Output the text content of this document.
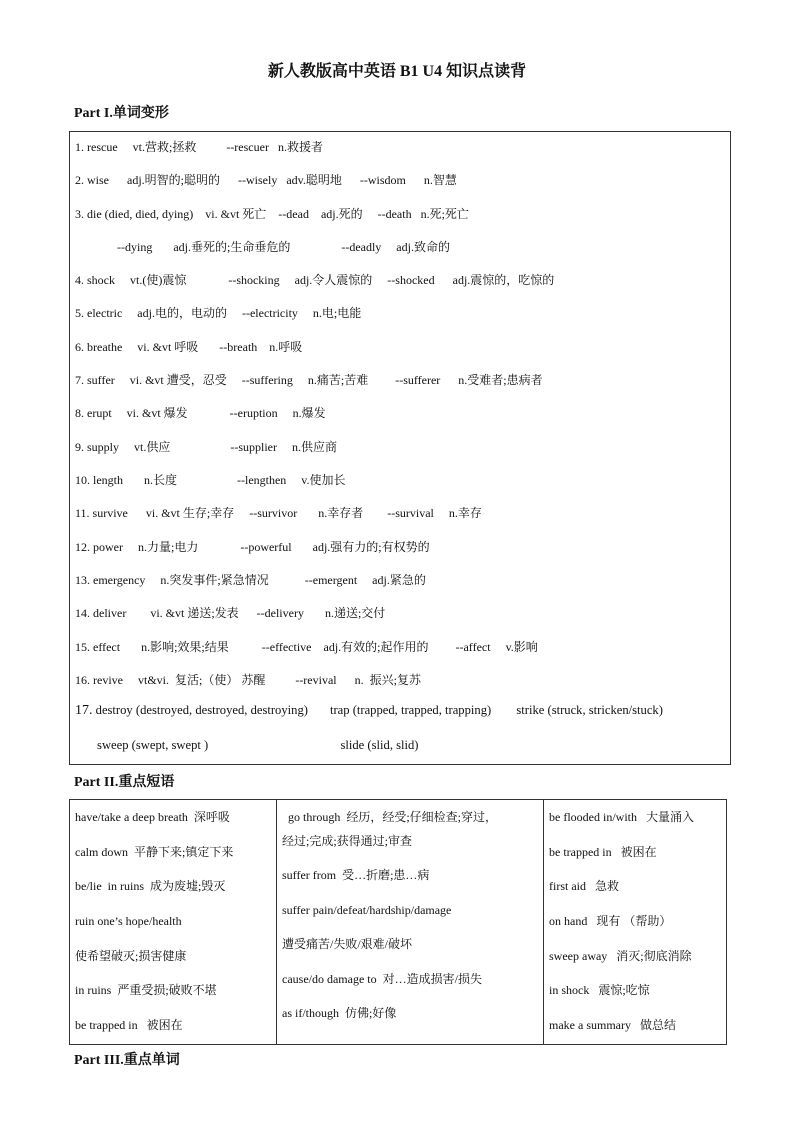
新人教版高中英语 B1 U4 知识点读背
Part I.单词变形
1. rescue     vt.营救;拯救          --rescuer   n.救援者
2. wise      adj.明智的;聪明的      --wisely   adv.聪明地      --wisdom      n.智慧
3. die (died, died, dying)    vi. &vt 死亡    --dead    adj.死的     --death   n.死;死亡
--dying       adj.垂死的;生命垂危的                 --deadly     adj.致命的
4. shock     vt.(使)震惊              --shocking     adj.令人震惊的     --shocked      adj.震惊的，吃惊的
5. electric     adj.电的，电动的     --electricity     n.电;电能
6. breathe     vi. &vt 呼吸       --breath    n.呼吸
7. suffer     vi. &vt 遭受，忍受     --suffering     n.痛苦;苦难         --sufferer      n.受难者;患病者
8. erupt     vi. &vt 爆发              --eruption     n.爆发
9. supply     vt.供应                    --supplier     n.供应商
10. length       n.长度                    --lengthen     v.使加长
11. survive      vi. &vt 生存;幸存     --survivor       n.幸存者        --survival     n.幸存
12. power     n.力量;电力              --powerful       adj.强有力的;有权势的
13. emergency     n.突发事件;紧急情况            --emergent     adj.紧急的
14. deliver        vi. &vt 递送;发表      --delivery       n.递送;交付
15. effect       n.影响;效果;结果           --effective    adj.有效的;起作用的         --affect     v.影响
16. revive     vt&vi.  复活;（使） 苏醒          --revival      n.  振兴;复苏
17. destroy (destroyed, destroyed, destroying)       trap (trapped, trapped, trapping)        strike (struck, stricken/stuck)
sweep (swept, swept )                                          slide (slid, slid)
Part II.重点短语
have/take a deep breath  深呼吸
calm down  平静下来;镇定下来
be/lie  in ruins  成为废墟;毁灭
ruin one’s hope/health
使希望破灭;损害健康
in ruins  严重受损;破败不堪
be trapped in   被困在

go through  经历，经受;仔细检查;穿过，
经过;完成;获得通过;审查
suffer from  受…折磨;患…病
suffer pain/defeat/hardship/damage
遭受痛苦/失败/艰难/破坏
cause/do damage to  对…造成损害/损失
as if/though  仿佛;好像

be flooded in/with   大量涌入
be trapped in   被困在
first aid   急救
on hand   现有 （帮助）
sweep away   消灭;彻底消除
in shock   震惊;吃惊
make a summary   做总结
Part III.重点单词
